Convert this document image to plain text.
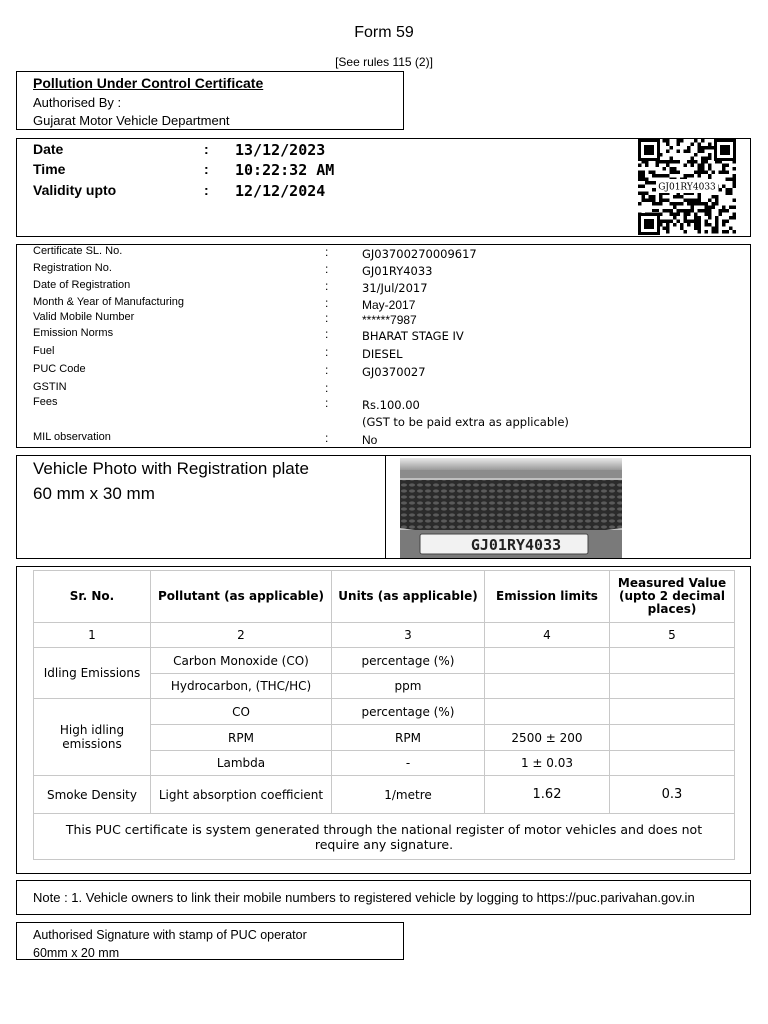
Form 59
[See rules 115 (2)]
Pollution Under Control Certificate
Authorised By :
Gujarat Motor Vehicle Department
Date	: 13/12/2023
Time	: 10:22:32 AM
Validity upto	: 12/12/2024	GJ01RY4033
Certificate SL. No.	:	GJ03700270009617
Registration No.	:	GJ01RY4033
Date of Registration	:	31/Jul/2017
Month & Year of Manufacturing	:	May-2017
Valid Mobile Number	:	******7987
Emission Norms	:	BHARAT STAGE IV
Fuel	:	DIESEL
PUC Code	:	GJ0370027
GSTIN	:
Fees	:	Rs.100.00
(GST to be paid extra as applicable)
MIL observation	:	No
Vehicle Photo with Registration plate
60 mm x 30 mm
GJ01RY4033
Sr. No.	Pollutant (as applicable)	Units (as applicable)	Emission limits	Measured Value (upto 2 decimal places)
1	2	3	4	5
Idling Emissions	Carbon Monoxide (CO)	percentage (%)		
	Hydrocarbon, (THC/HC)	ppm		
High idling emissions	CO	percentage (%)		
	RPM	RPM	2500 ± 200	
	Lambda	-	1 ± 0.03	
Smoke Density	Light absorption coefficient	1/metre	1.62	0.3
This PUC certificate is system generated through the national register of motor vehicles and does not require any signature.				
Note : 1. Vehicle owners to link their mobile numbers to registered vehicle by logging to https://puc.parivahan.gov.in
Authorised Signature with stamp of PUC operator
60mm x 20 mm
